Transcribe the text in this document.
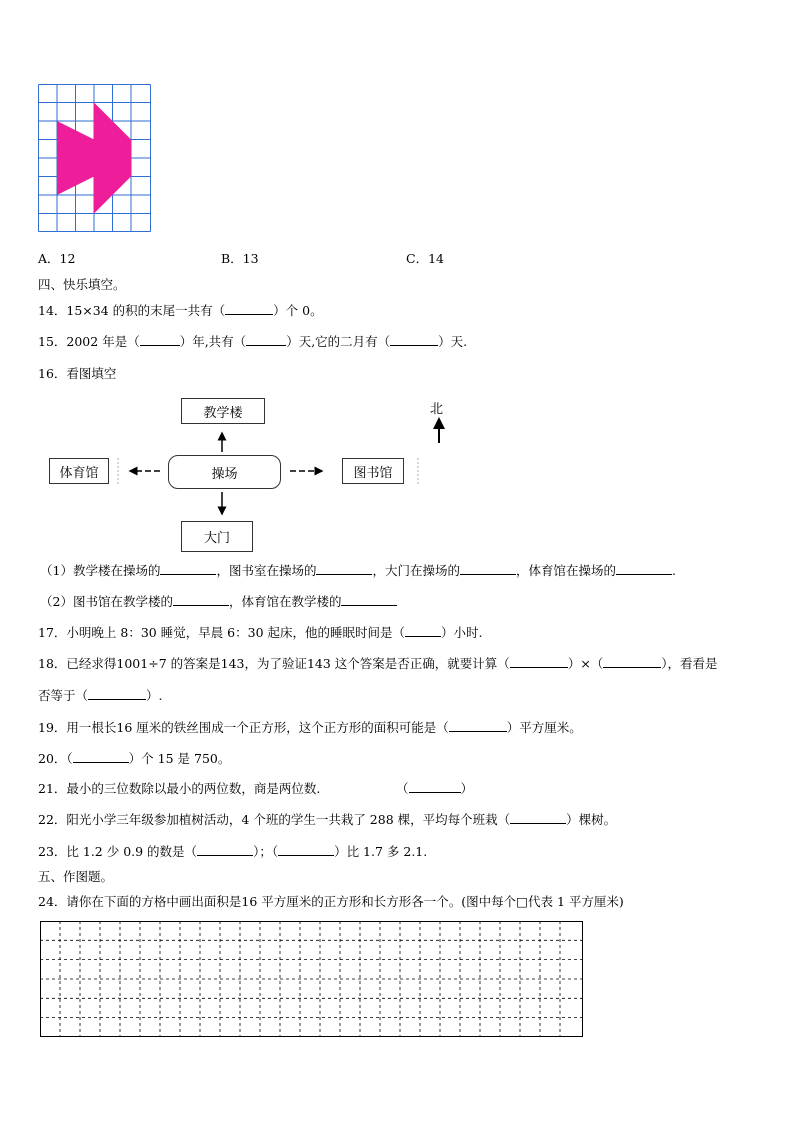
A．12	B．13	C．14
四、快乐填空。
14．15×34 的积的末尾一共有（	）个 0。
15．2002 年是（	）年,共有（	）天,它的二月有（	）天.
16．看图填空
教学楼
操场
体育馆	图书馆
大门
北
（1）教学楼在操场的	，图书室在操场的	，大门在操场的	，体育馆在操场的	.
（2）图书馆在教学楼的	，体育馆在教学楼的
17．小明晚上 8：30 睡觉，早晨 6：30 起床，他的睡眠时间是（	）小时.
18．已经求得1001÷7 的答案是143，为了验证143 这个答案是否正确，就要计算（	）×（	），看看是
否等于（	）.
19．用一根长16 厘米的铁丝围成一个正方形，这个正方形的面积可能是（	）平方厘米。
20．（	）个 15 是 750。
21．最小的三位数除以最小的两位数，商是两位数.	（	）
22．阳光小学三年级参加植树活动，4 个班的学生一共栽了 288 棵，平均每个班栽（	）棵树。
23．比 1.2 少 0.9 的数是（	）；（	）比 1.7 多 2.1.
五、作图题。
24．请你在下面的方格中画出面积是16 平方厘米的正方形和长方形各一个。(图中每个□代表 1 平方厘米)
